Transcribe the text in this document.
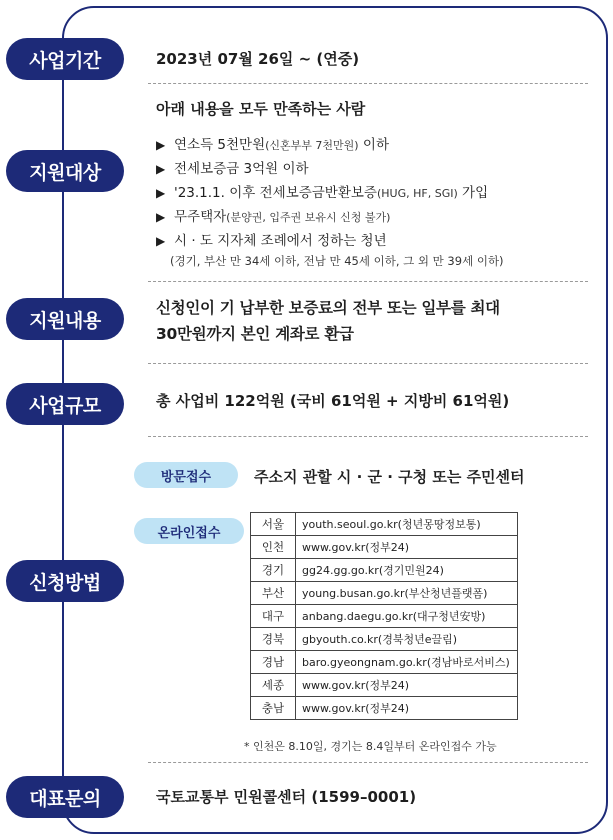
사업기간	2023년 07월 26일 ~ (연중)
지원대상
아래 내용을 모두 만족하는 사람
▶ 연소득 5천만원(신혼부부 7천만원) 이하
▶ 전세보증금 3억원 이하
▶ '23.1.1. 이후 전세보증금반환보증(HUG, HF, SGI) 가입
▶ 무주택자(분양권, 입주권 보유시 신청 불가)
▶ 시 · 도 지자체 조례에서 정하는 청년
(경기, 부산 만 34세 이하, 전남 만 45세 이하, 그 외 만 39세 이하)
지원내용
신청인이 기 납부한 보증료의 전부 또는 일부를 최대
30만원까지 본인 계좌로 환급
사업규모	총 사업비 122억원 (국비 61억원 + 지방비 61억원)
신청방법
방문접수	주소지 관할 시 · 군 · 구청 또는 주민센터
온라인접수
서울	youth.seoul.go.kr(청년몽땅정보통)
인천	www.gov.kr(정부24)
경기	gg24.gg.go.kr(경기민원24)
부산	young.busan.go.kr(부산청년플랫폼)
대구	anbang.daegu.go.kr(대구청년安방)
경북	gbyouth.co.kr(경북청년e끌림)
경남	baro.gyeongnam.go.kr(경남바로서비스)
세종	www.gov.kr(정부24)
충남	www.gov.kr(정부24)
* 인천은 8.10일, 경기는 8.4일부터 온라인접수 가능
대표문의	국토교통부 민원콜센터 (1599–0001)
